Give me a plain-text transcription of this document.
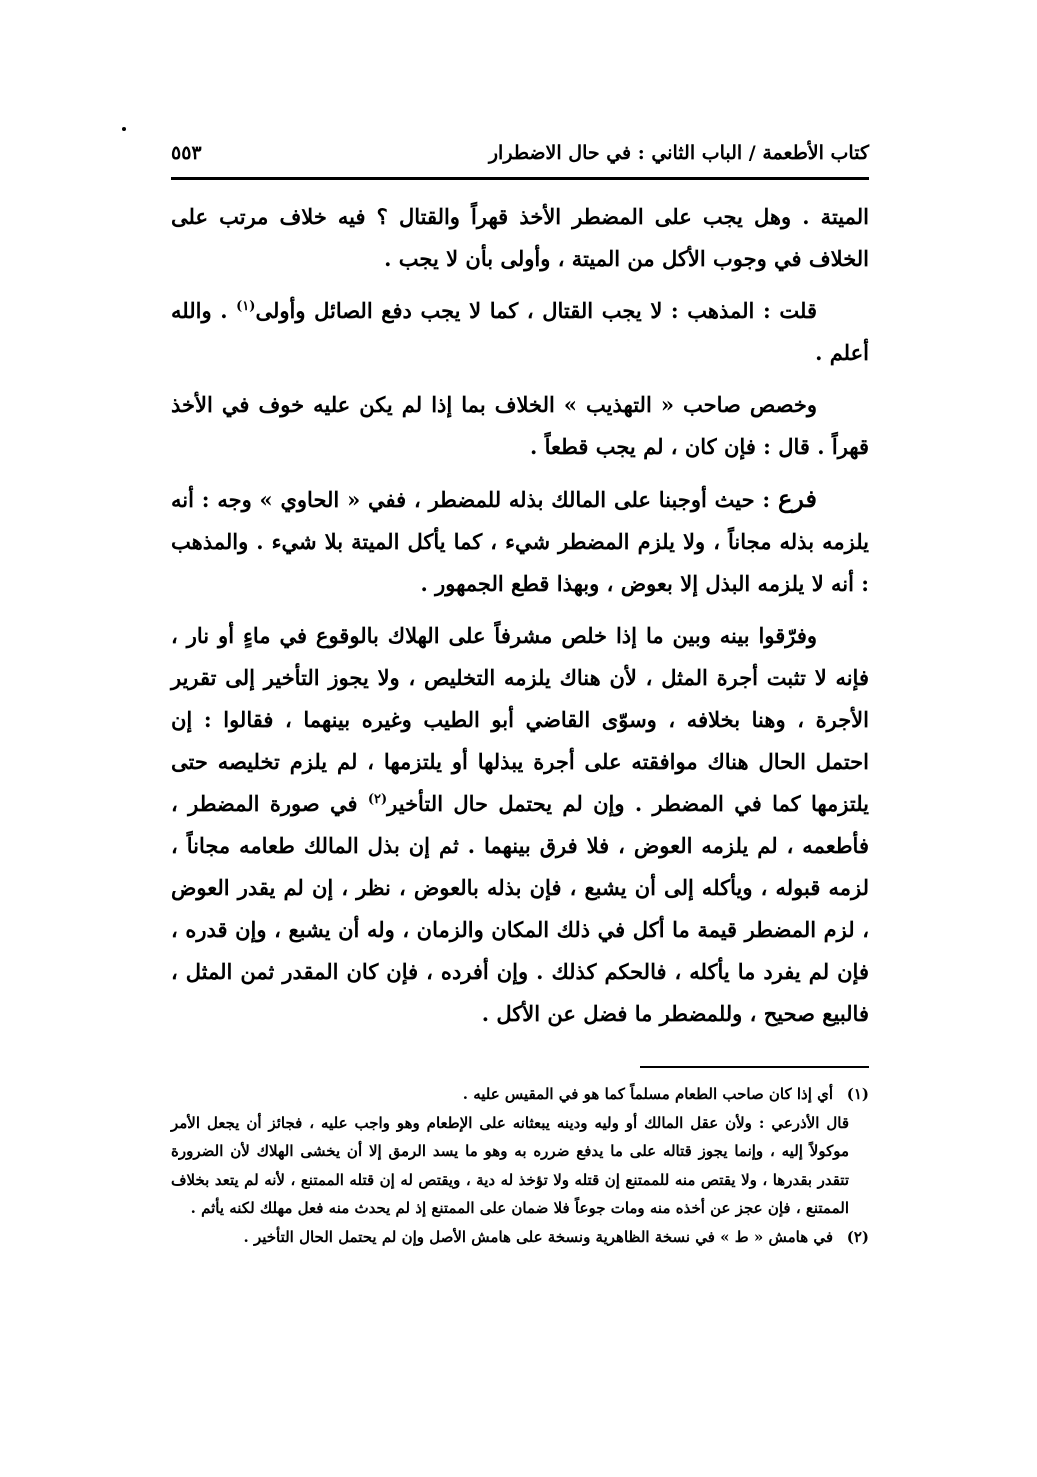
كتاب الأطعمة / الباب الثاني : في حال الاضطرار
٥٥٣

الميتة . وهل يجب على المضطر الأخذ قهراً والقتال ؟ فيه خلاف مرتب على الخلاف في وجوب الأكل من الميتة ، وأولى بأن لا يجب .

قلت : المذهب : لا يجب القتال ، كما لا يجب دفع الصائل وأولى$^{(١)}$ . والله أعلم .

وخصص صاحب « التهذيب » الخلاف بما إذا لم يكن عليه خوف في الأخذ قهراً . قال : فإن كان ، لم يجب قطعاً .

فرع : حيث أوجبنا على المالك بذله للمضطر ، ففي « الحاوي » وجه : أنه يلزمه بذله مجاناً ، ولا يلزم المضطر شيء ، كما يأكل الميتة بلا شيء . والمذهب : أنه لا يلزمه البذل إلا بعوض ، وبهذا قطع الجمهور .

وفرّقوا بينه وبين ما إذا خلص مشرفاً على الهلاك بالوقوع في ماءٍ أو نار ، فإنه لا تثبت أجرة المثل ، لأن هناك يلزمه التخليص ، ولا يجوز التأخير إلى تقرير الأجرة ، وهنا بخلافه ، وسوّى القاضي أبو الطيب وغيره بينهما ، فقالوا : إن احتمل الحال هناك موافقته على أجرة يبذلها أو يلتزمها ، لم يلزم تخليصه حتى يلتزمها كما في المضطر . وإن لم يحتمل حال التأخير$^{(٢)}$ في صورة المضطر ، فأطعمه ، لم يلزمه العوض ، فلا فرق بينهما . ثم إن بذل المالك طعامه مجاناً ، لزمه قبوله ، ويأكله إلى أن يشبع ، فإن بذله بالعوض ، نظر ، إن لم يقدر العوض ، لزم المضطر قيمة ما أكل في ذلك المكان والزمان ، وله أن يشبع ، وإن قدره ، فإن لم يفرد ما يأكله ، فالحكم كذلك . وإن أفرده ، فإن كان المقدر ثمن المثل ، فالبيع صحيح ، وللمضطر ما فضل عن الأكل .

(١)أي إذا كان صاحب الطعام مسلماً كما هو في المقيس عليه .
قال الأذرعي : ولأن عقل المالك أو وليه ودينه يبعثانه على الإطعام وهو واجب عليه ، فجائز أن يجعل الأمر موكولاً إليه ، وإنما يجوز قتاله على ما يدفع ضرره به وهو ما يسد الرمق إلا أن يخشى الهلاك لأن الضرورة تتقدر بقدرها ، ولا يقتص منه للممتنع إن قتله ولا تؤخذ له دية ، ويقتص له إن قتله الممتنع ، لأنه لم يتعد بخلاف الممتنع ، فإن عجز عن أخذه منه ومات جوعاً فلا ضمان على الممتنع إذ لم يحدث منه فعل مهلك لكنه يأثم .

(٢)في هامش « ط » في نسخة الظاهرية ونسخة على هامش الأصل وإن لم يحتمل الحال التأخير .
